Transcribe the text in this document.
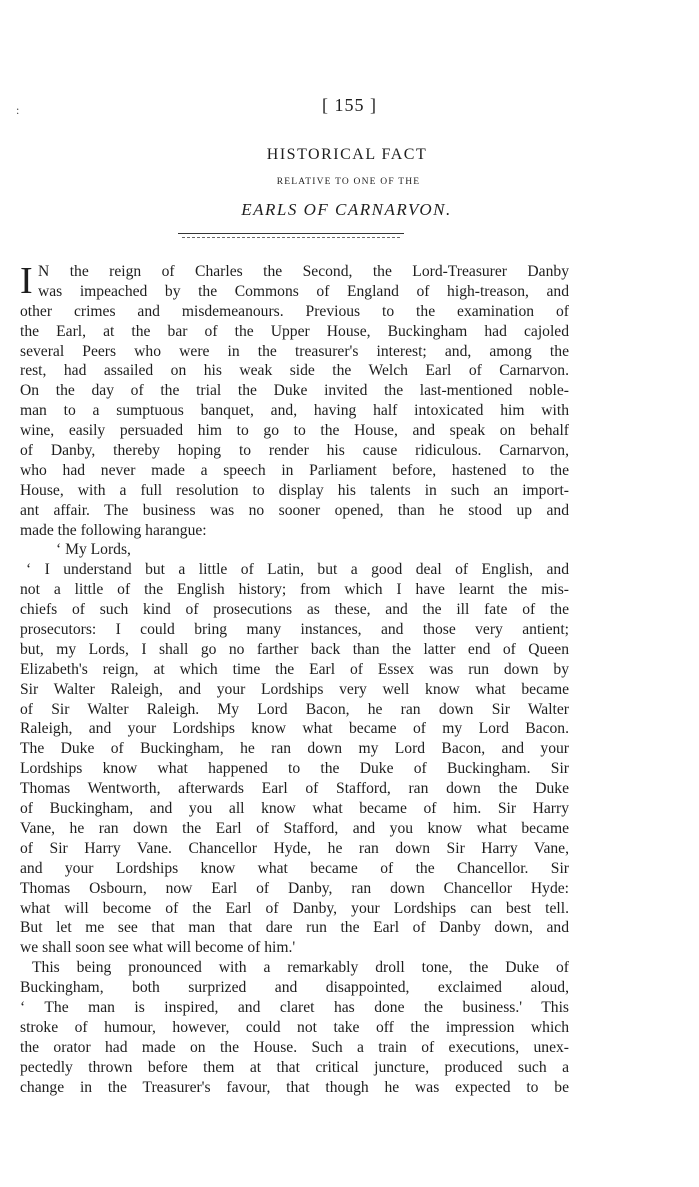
:	[ 155 ]
HISTORICAL FACT
RELATIVE TO ONE OF THE
EARLS OF CARNARVON.
I N the reign of Charles the Second, the Lord-Treasurer Danby
was impeached by the Commons of England of high-treason, and
other crimes and misdemeanours. Previous to the examination of
the Earl, at the bar of the Upper House, Buckingham had cajoled
several Peers who were in the treasurer's interest; and, among the
rest, had assailed on his weak side the Welch Earl of Carnarvon.
On the day of the trial the Duke invited the last-mentioned noble-
man to a sumptuous banquet, and, having half intoxicated him with
wine, easily persuaded him to go to the House, and speak on behalf
of Danby, thereby hoping to render his cause ridiculous. Carnarvon,
who had never made a speech in Parliament before, hastened to the
House, with a full resolution to display his talents in such an import-
ant affair. The business was no sooner opened, than he stood up and
made the following harangue:
‘ My Lords,
‘ I understand but a little of Latin, but a good deal of English, and
not a little of the English history; from which I have learnt the mis-
chiefs of such kind of prosecutions as these, and the ill fate of the
prosecutors: I could bring many instances, and those very antient;
but, my Lords, I shall go no farther back than the latter end of Queen
Elizabeth's reign, at which time the Earl of Essex was run down by
Sir Walter Raleigh, and your Lordships very well know what became
of Sir Walter Raleigh. My Lord Bacon, he ran down Sir Walter
Raleigh, and your Lordships know what became of my Lord Bacon.
The Duke of Buckingham, he ran down my Lord Bacon, and your
Lordships know what happened to the Duke of Buckingham. Sir
Thomas Wentworth, afterwards Earl of Stafford, ran down the Duke
of Buckingham, and you all know what became of him. Sir Harry
Vane, he ran down the Earl of Stafford, and you know what became
of Sir Harry Vane. Chancellor Hyde, he ran down Sir Harry Vane,
and your Lordships know what became of the Chancellor. Sir
Thomas Osbourn, now Earl of Danby, ran down Chancellor Hyde:
what will become of the Earl of Danby, your Lordships can best tell.
But let me see that man that dare run the Earl of Danby down, and
we shall soon see what will become of him.'
This being pronounced with a remarkably droll tone, the Duke of
Buckingham, both surprized and disappointed, exclaimed aloud,
‘ The man is inspired, and claret has done the business.' This
stroke of humour, however, could not take off the impression which
the orator had made on the House. Such a train of executions, unex-
pectedly thrown before them at that critical juncture, produced such a
change in the Treasurer's favour, that though he was expected to be
